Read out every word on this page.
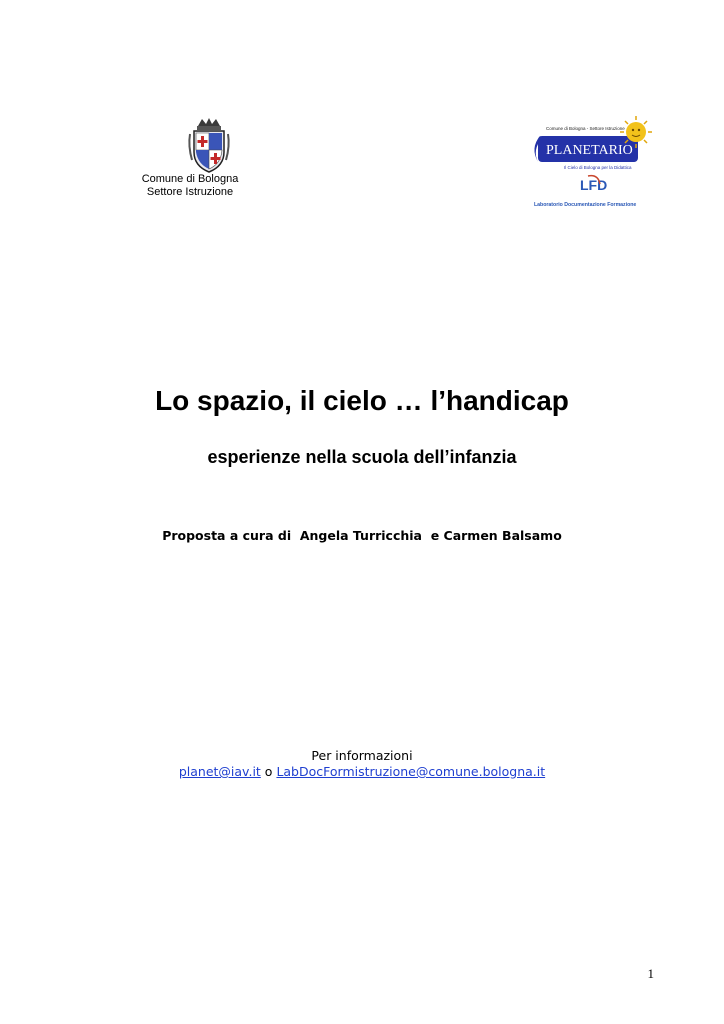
Comune di Bologna
Settore Istruzione
Comune di Bologna - Settore Istruzione
PLANETARIO
Il Cielo di Bologna per la Didattica
LFD
Laboratorio Documentazione Formazione
Lo spazio, il cielo … l’handicap
esperienze nella scuola dell’infanzia
Proposta a cura di  Angela Turricchia  e Carmen Balsamo
Per informazioni
planet@iav.it o LabDocFormistruzione@comune.bologna.it
1
